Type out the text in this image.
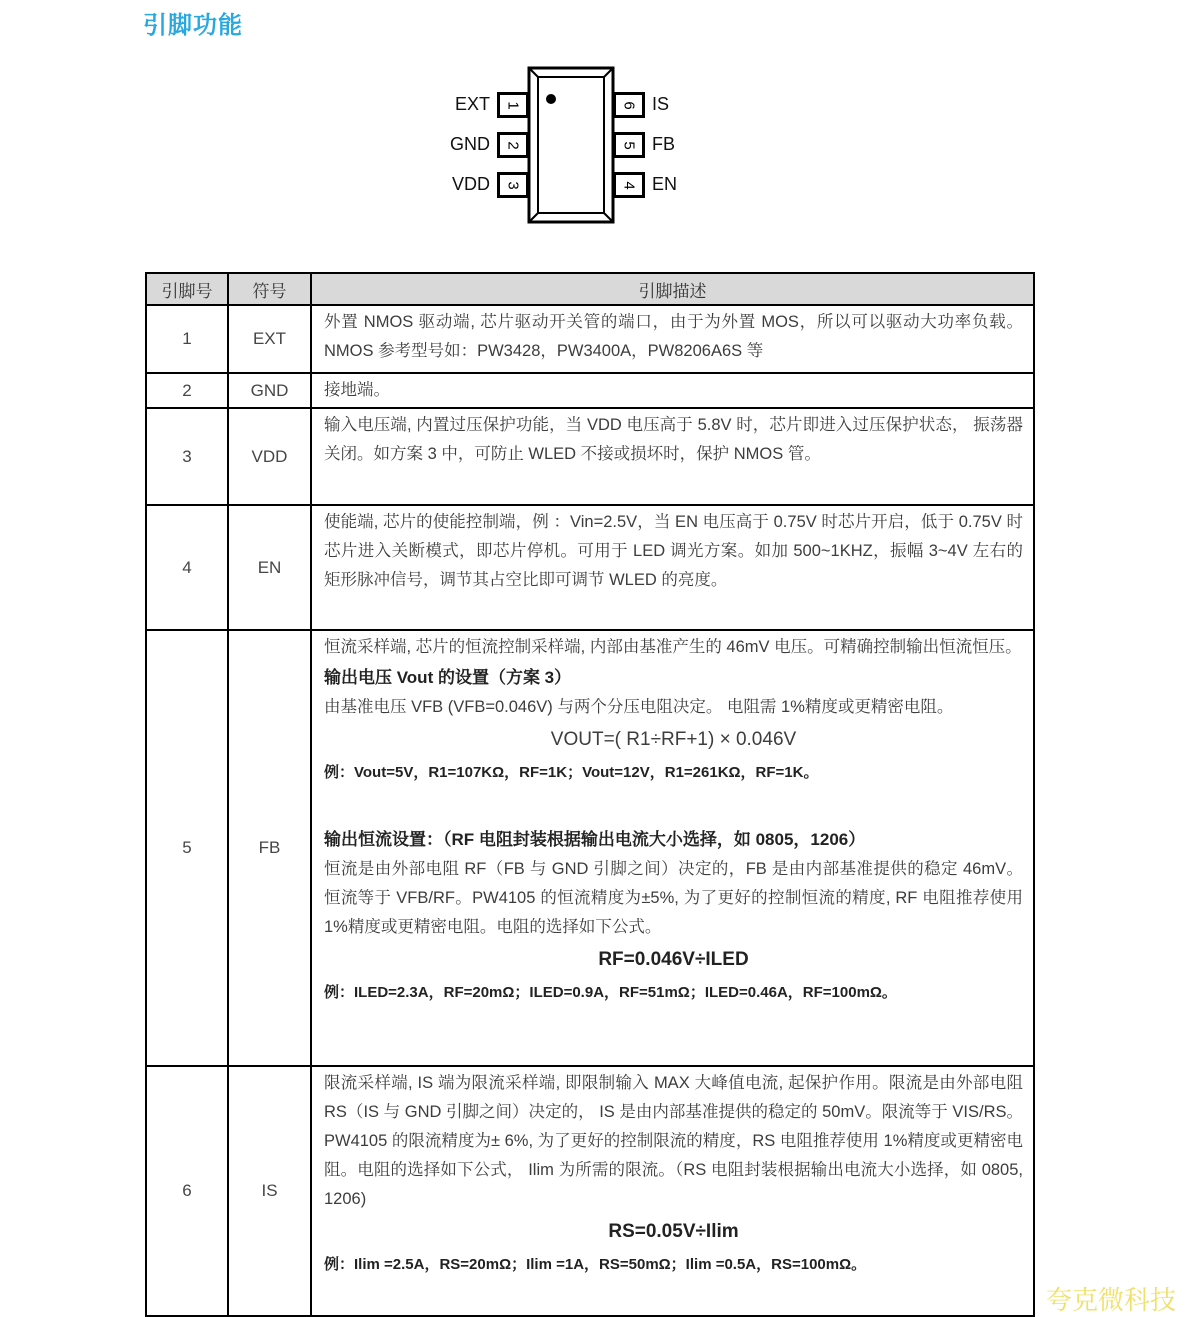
引脚功能
1
2
3
6
5
4
EXT
GND
VDD
IS
FB
EN
引脚号	符号	引脚描述
1	EXT	外置 NMOS 驱动端, 芯片驱动开关管的端口，由于为外置 MOS，所以可以驱动大功率负载。NMOS 参考型号如：PW3428，PW3400A，PW8206A6S 等

2	GND	接地端。

3	VDD	输入电压端, 内置过压保护功能，当 VDD 电压高于 5.8V 时，芯片即进入过压保护状态， 振荡器关闭。如方案 3 中，可防止 WLED 不接或损坏时，保护 NMOS 管。

4	EN	使能端, 芯片的使能控制端，例 ：Vin=2.5V，当 EN 电压高于 0.75V 时芯片开启，低于 0.75V 时芯片进入关断模式，即芯片停机。可用于 LED 调光方案。如加 500~1KHZ，振幅 3~4V 左右的矩形脉冲信号，调节其占空比即可调节 WLED 的亮度。

5	FB	
恒流采样端, 芯片的恒流控制采样端, 内部由基准产生的 46mV 电压。可精确控制输出恒流恒压。
输出电压 Vout 的设置（方案 3）
由基准电压 VFB (VFB=0.046V) 与两个分压电阻决定。 电阻需 1%精度或更精密电阻。
VOUT=( R1÷RF+1) × 0.046V
例：Vout=5V，R1=107KΩ，RF=1K；Vout=12V，R1=261KΩ，RF=1K。
输出恒流设置：（RF 电阻封装根据输出电流大小选择，如 0805，1206）
恒流是由外部电阻 RF（FB 与 GND 引脚之间）决定的，FB 是由内部基准提供的稳定 46mV。恒流等于 VFB/RF。PW4105 的恒流精度为±5%, 为了更好的控制恒流的精度, RF 电阻推荐使用 1%精度或更精密电阻。电阻的选择如下公式。
RF=0.046V÷ILED
例：ILED=2.3A，RF=20mΩ；ILED=0.9A，RF=51mΩ；ILED=0.46A，RF=100mΩ。

6	IS	限流采样端, IS 端为限流采样端, 即限制输入 MAX 大峰值电流, 起保护作用。限流是由外部电阻 RS（IS 与 GND 引脚之间）决定的， IS 是由内部基准提供的稳定的 50mV。限流等于 VIS/RS。PW4105 的限流精度为± 6%, 为了更好的控制限流的精度，RS 电阻推荐使用 1%精度或更精密电阻。电阻的选择如下公式， Ilim 为所需的限流。（RS 电阻封装根据输出电流大小选择，如 0805, 1206)
RS=0.05V÷Ilim
例：Ilim =2.5A，RS=20mΩ；Ilim =1A，RS=50mΩ；Ilim =0.5A，RS=100mΩ。
夸克微科技
